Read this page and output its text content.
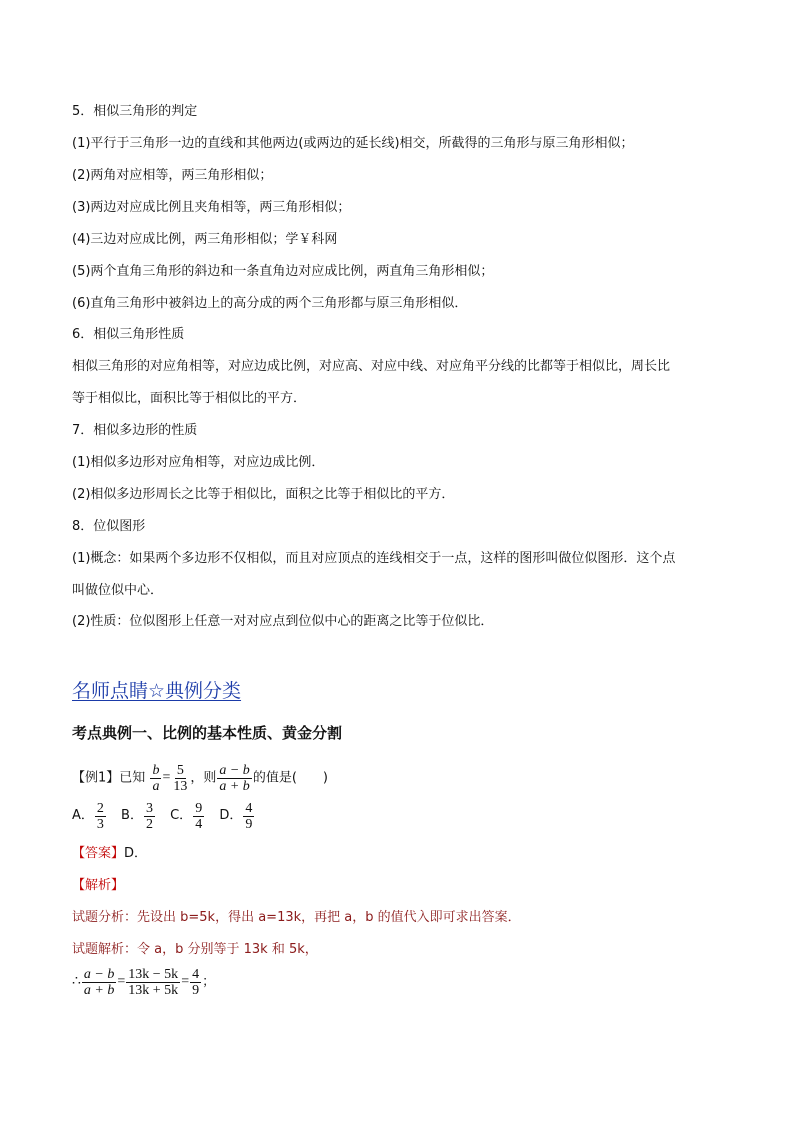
5．相似三角形的判定
(1)平行于三角形一边的直线和其他两边(或两边的延长线)相交，所截得的三角形与原三角形相似；
(2)两角对应相等，两三角形相似；
(3)两边对应成比例且夹角相等，两三角形相似；
(4)三边对应成比例，两三角形相似；学￥科网
(5)两个直角三角形的斜边和一条直角边对应成比例，两直角三角形相似；
(6)直角三角形中被斜边上的高分成的两个三角形都与原三角形相似．
6．相似三角形性质
相似三角形的对应角相等，对应边成比例，对应高、对应中线、对应角平分线的比都等于相似比，周长比
等于相似比，面积比等于相似比的平方．
7．相似多边形的性质
(1)相似多边形对应角相等，对应边成比例．
(2)相似多边形周长之比等于相似比，面积之比等于相似比的平方．
8．位似图形
(1)概念：如果两个多边形不仅相似，而且对应顶点的连线相交于一点，这样的图形叫做位似图形．这个点
叫做位似中心．
(2)性质：位似图形上任意一对对应点到位似中心的距离之比等于位似比．
名师点睛☆典例分类
考点典例一、比例的基本性质、黄金分割
【例1】已知 $\frac{b}{a} = \frac{5}{13}$ ，则 $\frac{a - b}{a + b}$ 的值是(　　)
A． $\frac{2}{3}$
B． $\frac{3}{2}$
C． $\frac{9}{4}$
D． $\frac{4}{9}$
【答案】D．
【解析】
试题分析：先设出 b=5k，得出 a=13k，再把 a，b 的值代入即可求出答案．
试题解析：令 a，b 分别等于 13k 和 5k，
∴ $\frac{a - b}{a + b} = \frac{13k - 5k}{13k + 5k} = \frac{4}{9}$ ；
